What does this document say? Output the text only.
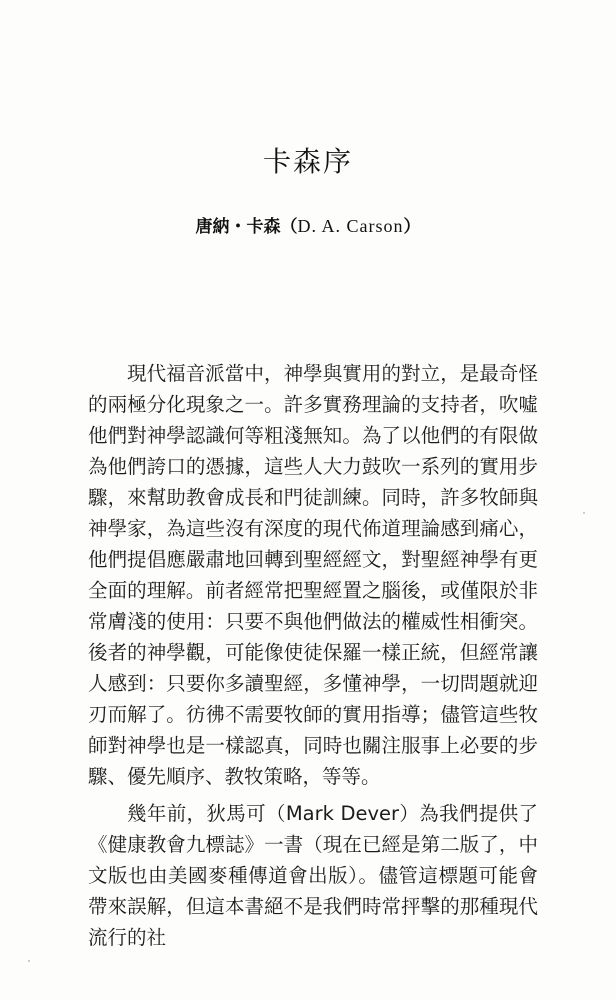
卡森序
唐納・卡森（D. A. Carson）

現代福音派當中，神學與實用的對立，是最奇怪的兩極分化現象之一。許多實務理論的支持者，吹噓他們對神學認識何等粗淺無知。為了以他們的有限做為他們誇口的憑據，這些人大力鼓吹一系列的實用步驟，來幫助教會成長和門徒訓練。同時，許多牧師與神學家，為這些沒有深度的現代佈道理論感到痛心，他們提倡應嚴肅地回轉到聖經經文，對聖經神學有更全面的理解。前者經常把聖經置之腦後，或僅限於非常膚淺的使用：只要不與他們做法的權威性相衝突。後者的神學觀，可能像使徒保羅一樣正統，但經常讓人感到：只要你多讀聖經，多懂神學，一切問題就迎刃而解了。彷彿不需要牧師的實用指導；儘管這些牧師對神學也是一樣認真，同時也關注服事上必要的步驟、優先順序、教牧策略，等等。

幾年前，狄馬可（Mark Dever）為我們提供了《健康教會九標誌》一書（現在已經是第二版了，中文版也由美國麥種傳道會出版）。儘管這標題可能會帶來誤解，但這本書絕不是我們時常抨擊的那種現代流行的社
